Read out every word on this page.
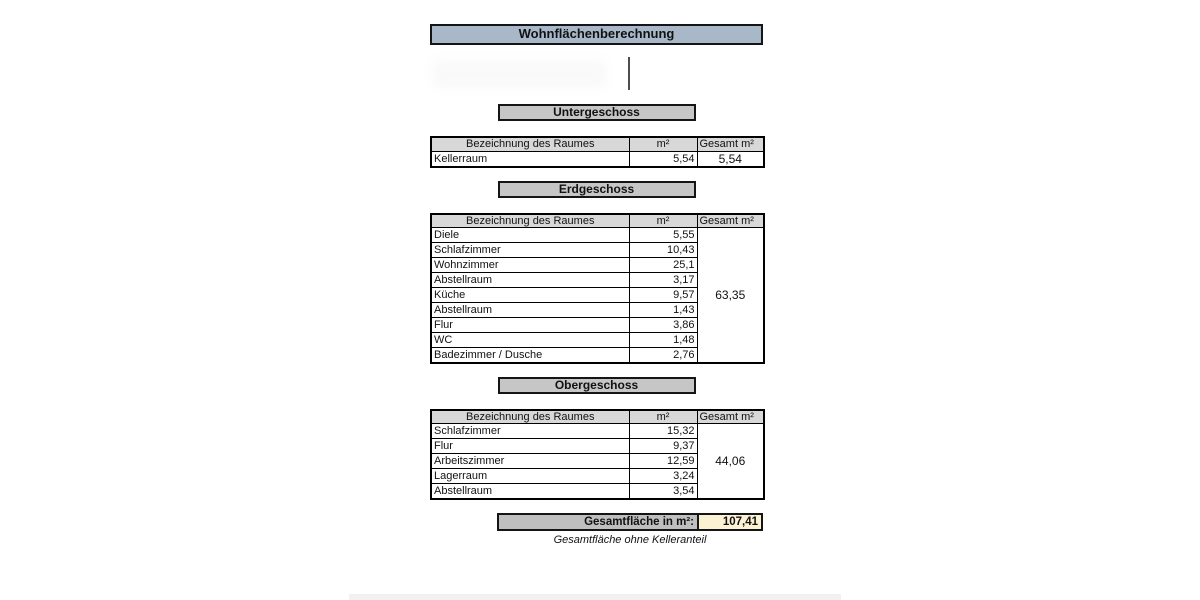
Wohnflächenberechnung
Untergeschoss
Bezeichnung des Raumes	m²	Gesamt m²
Kellerraum	5,54	5,54
Erdgeschoss
Bezeichnung des Raumes	m²	Gesamt m²
Diele	5,55	63,35
Schlafzimmer	10,43	
Wohnzimmer	25,1	
Abstellraum	3,17	
Küche	9,57	
Abstellraum	1,43	
Flur	3,86	
WC	1,48	
Badezimmer / Dusche	2,76	
Obergeschoss
Bezeichnung des Raumes	m²	Gesamt m²
Schlafzimmer	15,32	44,06
Flur	9,37	
Arbeitszimmer	12,59	
Lagerraum	3,24	
Abstellraum	3,54	
Gesamtfläche in m²:	107,41
Gesamtfläche ohne Kelleranteil
